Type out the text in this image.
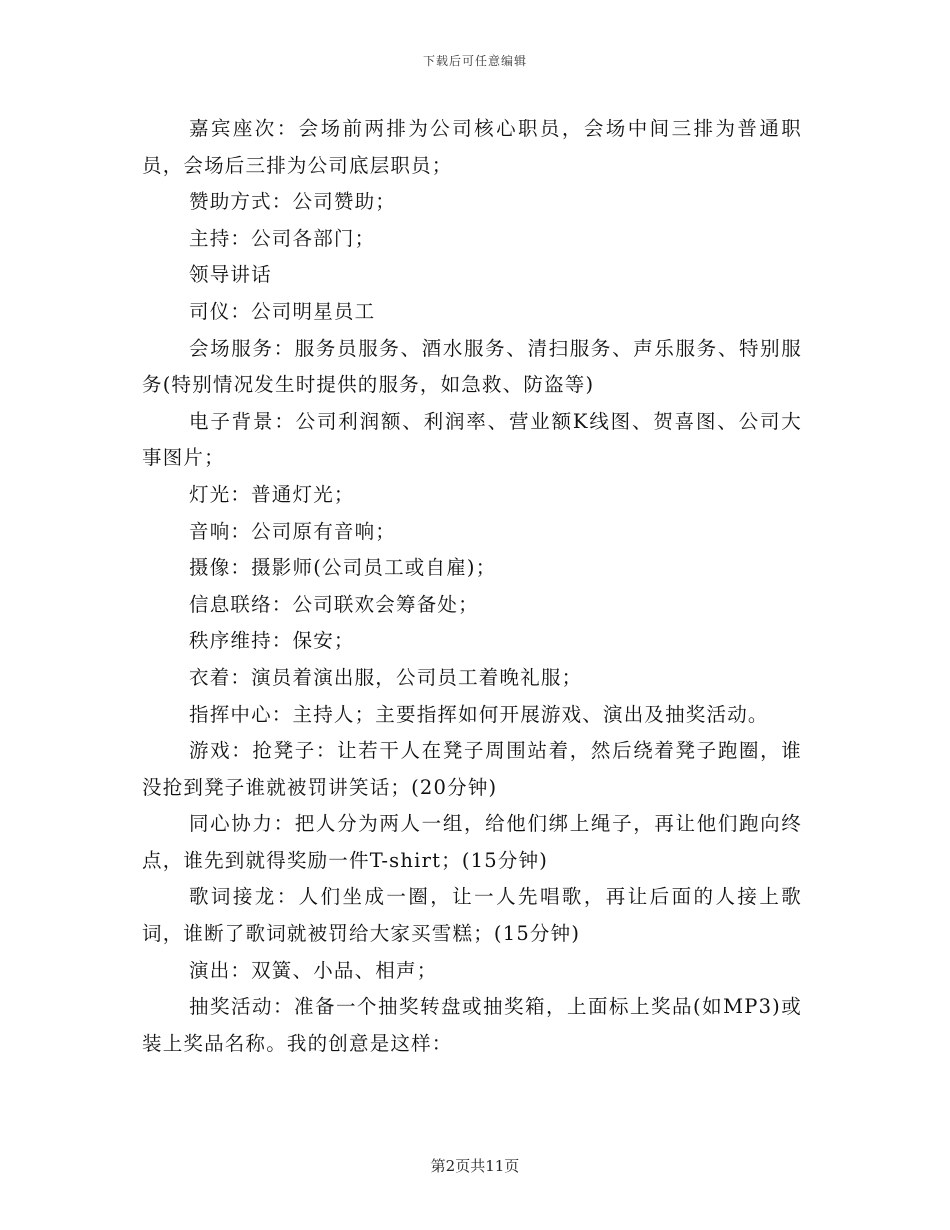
下载后可任意编辑

嘉宾座次：会场前两排为公司核心职员，会场中间三排为普通职员，会场后三排为公司底层职员；

赞助方式：公司赞助；

主持：公司各部门；

领导讲话

司仪：公司明星员工

会场服务：服务员服务、酒水服务、清扫服务、声乐服务、特别服务(特别情况发生时提供的服务，如急救、防盗等)

电子背景：公司利润额、利润率、营业额K线图、贺喜图、公司大事图片；

灯光：普通灯光；

音响：公司原有音响；

摄像：摄影师(公司员工或自雇)；

信息联络：公司联欢会筹备处；

秩序维持：保安；

衣着：演员着演出服，公司员工着晚礼服；

指挥中心：主持人；主要指挥如何开展游戏、演出及抽奖活动。

游戏：抢凳子：让若干人在凳子周围站着，然后绕着凳子跑圈，谁没抢到凳子谁就被罚讲笑话；(20分钟)

同心协力：把人分为两人一组，给他们绑上绳子，再让他们跑向终点，谁先到就得奖励一件T-shirt；(15分钟)

歌词接龙：人们坐成一圈，让一人先唱歌，再让后面的人接上歌词，谁断了歌词就被罚给大家买雪糕；(15分钟)

演出：双簧、小品、相声；

抽奖活动：准备一个抽奖转盘或抽奖箱，上面标上奖品(如MP3)或装上奖品名称。我的创意是这样：

第2页共11页
